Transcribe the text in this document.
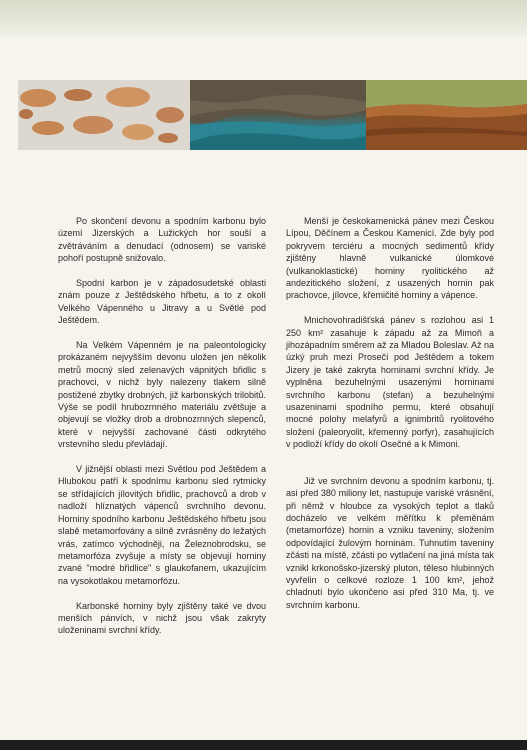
Po skončení devonu a spodním karbonu bylo území Jizerských a Lužických hor souší a zvětráváním a denudací (odnosem) se variské pohoří postupně snižovalo.

Spodní karbon je v západosudetské oblasti znám pouze z Ještědského hřbetu, a to z okolí Velkého Vápenného u Jitravy a u Světlé pod Ještědem.

Na Velkém Vápenném je na paleontologicky prokázaném nejvyšším devonu uložen jen několik metrů mocný sled zelenavých vápnitých břidlic s prachovci, v nichž byly nalezeny tlakem silně postižené zbytky drobných, již karbonských trilobitů. Výše se podíl hrubozrnného materiálu zvětšuje a objevují se vložky drob a drobnozrnných slepenců, které v nejvyšší zachované části odkrytého vrstevního sledu převládají.

V jižnější oblasti mezi Světlou pod Ještědem a Hlubokou patří k spodnímu karbonu sled rytmicky se střídajících jílovitých břidlic, prachovců a drob v nadloží hlíznatých vápenců svrchního devonu. Horniny spodního karbonu Ještědského hřbetu jsou slabě metamorfovány a silně zvrásněny do ležatých vrás, zatímco východněji, na Železnobrodsku, se metamorfóza zvyšuje a místy se objevují horniny zvané "modré břidlice" s glaukofanem, ukazujícím na vysokotlakou metamorfózu.

Karbonské horniny byly zjištěny také ve dvou menších pánvích, v nichž jsou však zakryty uloženinami svrchní křídy.

Menší je českokamenická pánev mezi Českou Lípou, Děčínem a Českou Kamenicí. Zde byly pod pokryvem terciéru a mocných sedimentů křídy zjištěny hlavně vulkanické úlomkové (vulkanoklastické) horniny ryolitického až andezitického složení, z usazených hornin pak prachovce, jílovce, křemičité horniny a vápence.

Mnichovohradišťská pánev s rozlohou asi 1 250 km² zasahuje k západu až za Mimoň a jihozápadním směrem až za Mladou Boleslav. Až na úzký pruh mezi Prosečí pod Ještědem a tokem Jizery je také zakryta horninami svrchní křídy. Je vyplněna bezuhelnými usazenými horninami svrchního karbonu (stefan) a bezuhelnými usazeninami spodního permu, které obsahují mocné polohy melafyrů a ignimbritů ryolitového složení (paleoryolit, křemenný porfyr), zasahujících v podloží křídy do okolí Osečné a k Mimoni.

Již ve svrchním devonu a spodním karbonu, tj. asi před 380 miliony let, nastupuje variské vrásnění, při němž v hloubce za vysokých teplot a tlaků docházelo ve velkém měřítku k přeměnám (metamorfóze) hornin a vzniku taveniny, složením odpovídající žulovým horninám. Tuhnutím taveniny zčásti na místě, zčásti po vytlačení na jiná místa tak vznikl krkonošsko-jizerský pluton, těleso hlubinných vyvřelin o celkové rozloze 1 100 km², jehož chladnutí bylo ukončeno asi před 310 Ma, tj. ve svrchním karbonu.
